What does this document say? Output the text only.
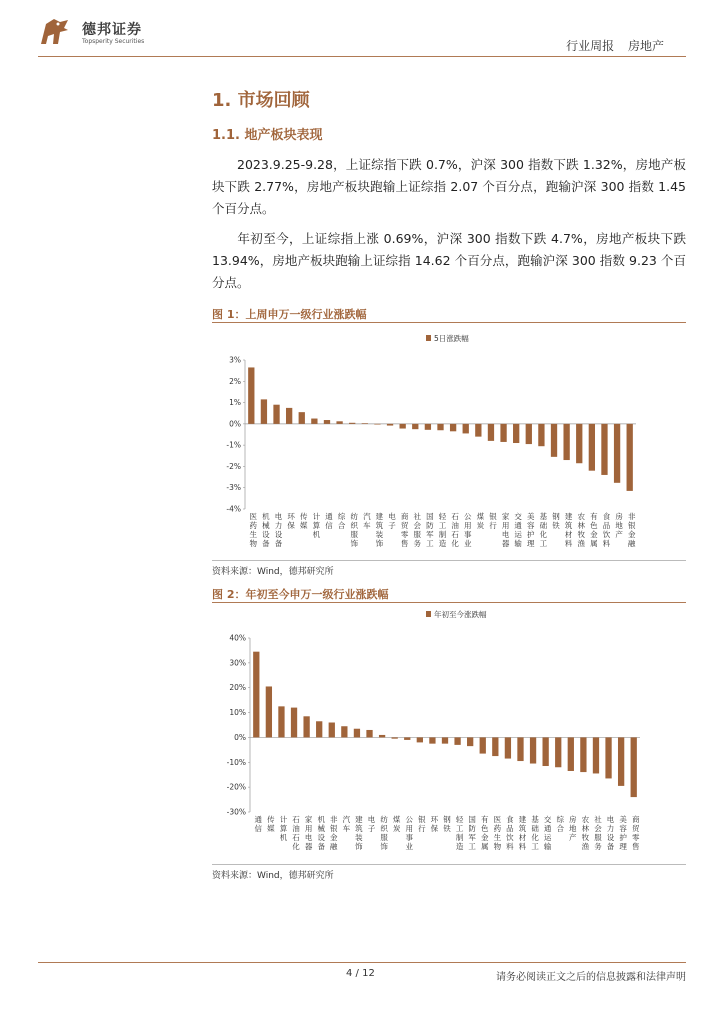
德邦证券
Topsperity Securities	行业周报 房地产
1. 市场回顾
1.1. 地产板块表现
  2023.9.25-9.28，上证综指下跌 0.7%，沪深 300 指数下跌 1.32%，房地产板块下跌 2.77%，房地产板块跑输上证综指 2.07 个百分点，跑输沪深 300 指数 1.45 个百分点。
  年初至今，上证综指上涨 0.69%，沪深 300 指数下跌 4.7%，房地产板块下跌 13.94%，房地产板块跑输上证综指 14.62 个百分点，跑输沪深 300 指数 9.23 个百分点。
图 1：上周申万一级行业涨跌幅
5日涨跌幅
3%
2%
1%
0%
-1%
-2%
-3%
-4%
医药生物
机械设备
电力设备
环保
传媒
计算机
通信
综合
纺织服饰
汽车
建筑装饰
电子
商贸零售
社会服务
国防军工
轻工制造
石油石化
公用事业
煤炭
银行
家用电器
交通运输
美容护理
基础化工
钢铁
建筑材料
农林牧渔
有色金属
食品饮料
房地产
非银金融
资料来源：Wind，德邦研究所
图 2：年初至今申万一级行业涨跌幅
年初至今涨跌幅
40%
30%
20%
10%
0%
-10%
-20%
-30%
通信
传媒
计算机
石油石化
家用电器
机械设备
非银金融
汽车
建筑装饰
电子
纺织服饰
煤炭
公用事业
银行
环保
钢铁
轻工制造
国防军工
有色金属
医药生物
食品饮料
建筑材料
基础化工
交通运输
综合
房地产
农林牧渔
社会服务
电力设备
美容护理
商贸零售
资料来源：Wind，德邦研究所
4 / 12	请务必阅读正文之后的信息披露和法律声明
